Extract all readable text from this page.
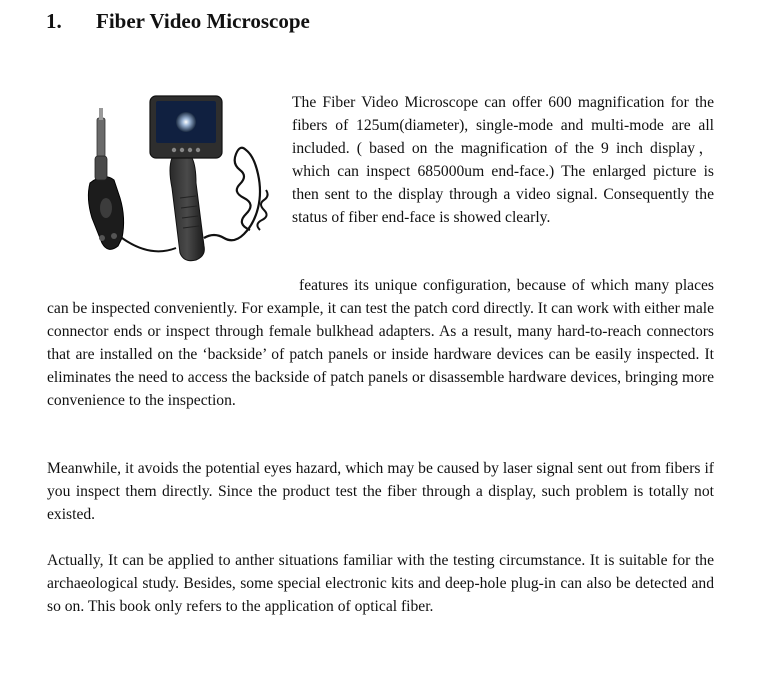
1. Fiber Video Microscope

The Fiber Video Microscope can offer 600 magnification for the fibers of 125um(diameter), single-mode and multi-mode are all included. ( based on the magnification of the 9 inch display， which can inspect 685000um end-face.) The enlarged picture is then sent to the display through a video signal. Consequently the status of fiber end-face is showed clearly.

features its unique configuration, because of which many places can be inspected conveniently. For example, it can test the patch cord directly. It can work with either male connector ends or inspect through female bulkhead adapters. As a result, many hard-to-reach connectors that are installed on the ‘backside’ of patch panels or inside hardware devices can be easily inspected. It eliminates the need to access the backside of patch panels or disassemble hardware devices, bringing more convenience to the inspection.

Meanwhile, it avoids the potential eyes hazard, which may be caused by laser signal sent out from fibers if you inspect them directly. Since the product test the fiber through a display, such problem is totally not existed.

Actually, It can be applied to anther situations familiar with the testing circumstance. It is suitable for the archaeological study. Besides, some special electronic kits and deep-hole plug-in can also be detected and so on. This book only refers to the application of optical fiber.
